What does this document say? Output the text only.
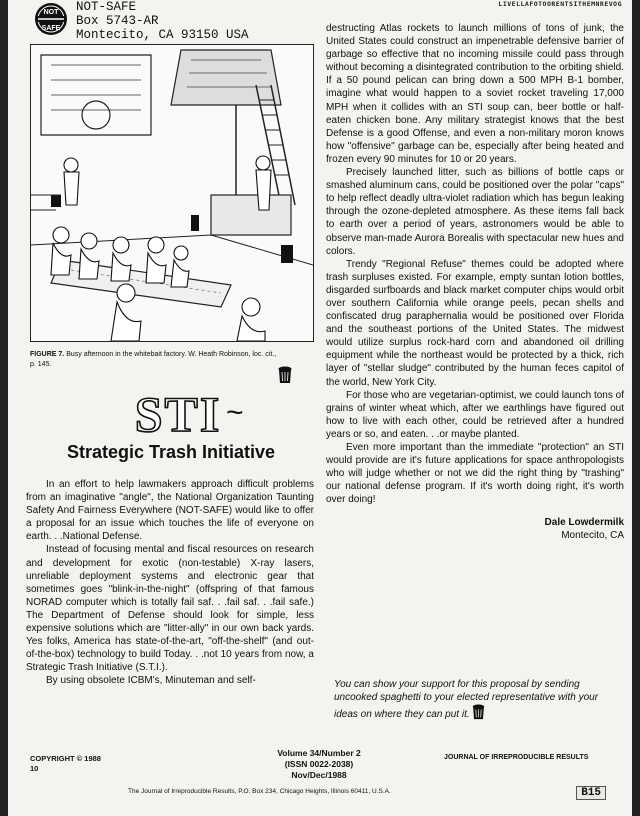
NOT
SAFE
NOT-SAFE
Box 5743-AR
Montecito, CA 93150 USA
LIVELLAFOTOORENTSITHEMNREVOG
FIGURE 7. Busy afternoon in the whitebait factory. W. Heath Robinson, loc. cit., p. 145.
STI ~
Strategic Trash Initiative

In an effort to help lawmakers approach difficult problems from an imaginative "angle", the National Organization Taunting Safety And Fairness Everywhere (NOT-SAFE) would like to offer a proposal for an issue which touches the life of everyone on earth. . .National Defense.

Instead of focusing mental and fiscal resources on research and development for exotic (non-testable) X-ray lasers, unreliable deployment systems and electronic gear that sometimes goes "blink-in-the-night" (offspring of that famous NORAD computer which is totally fail saf. . .fail saf. . .fail safe.) The Department of Defense should look for simple, less expensive solutions which are "litter-ally" in our own back yards. Yes folks, America has state-of-the-art, "off-the-shelf" (and out-of-the-box) technology to build Today. . .not 10 years from now, a Strategic Trash Initiative (S.T.I.).

By using obsolete ICBM's, Minuteman and self-

destructing Atlas rockets to launch millions of tons of junk, the United States could construct an impenetrable defensive barrier of garbage so effective that no incoming missile could pass through without becoming a disintegrated contribution to the orbiting shield. If a 50 pound pelican can bring down a 500 MPH B-1 bomber, imagine what would happen to a soviet rocket traveling 17,000 MPH when it collides with an STI soup can, beer bottle or half-eaten chicken bone. Any military strategist knows that the best Defense is a good Offense, and even a non-military moron knows how "offensive" garbage can be, especially after being heated and frozen every 90 minutes for 10 or 20 years.

Precisely launched litter, such as billions of bottle caps or smashed aluminum cans, could be positioned over the polar "caps" to help reflect deadly ultra-violet radiation which has begun leaking through the ozone-depleted atmosphere. As these items fall back to earth over a period of years, astronomers would be able to observe man-made Aurora Borealis with spectacular new hues and colors.

Trendy "Regional Refuse" themes could be adopted where trash surpluses existed. For example, empty suntan lotion bottles, disgarded surfboards and black market computer chips would orbit over southern California while orange peels, pecan shells and confiscated drug paraphernalia would be positioned over Florida and the southeast portions of the United States. The midwest would utilize surplus rock-hard corn and abandoned oil drilling equipment while the northeast would be protected by a thick, rich layer of "stellar sludge" contributed by the human feces capitol of the world, New York City.

For those who are vegetarian-optimist, we could launch tons of grains of winter wheat which, after we earthlings have figured out how to live with each other, could be retrieved after a hundred years or so, and eaten. . .or maybe planted.

Even more important than the immediate "protection" an STI would provide are it's future applications for space anthropologists who will judge whether or not we did the right thing by "trashing" our national defense program. If it's worth doing right, it's worth over doing!

Dale Lowdermilk

Montecito, CA

You can show your support for this proposal by sending uncooked spaghetti to your elected representative with your ideas on where they can put it.
COPYRIGHT © 1988
10
Volume 34/Number 2
(ISSN 0022-2038)
Nov/Dec/1988
JOURNAL OF IRREPRODUCIBLE RESULTS
The Journal of Irreproducible Results, P.O. Box 234, Chicago Heights, Illinois 60411, U.S.A.	B15
